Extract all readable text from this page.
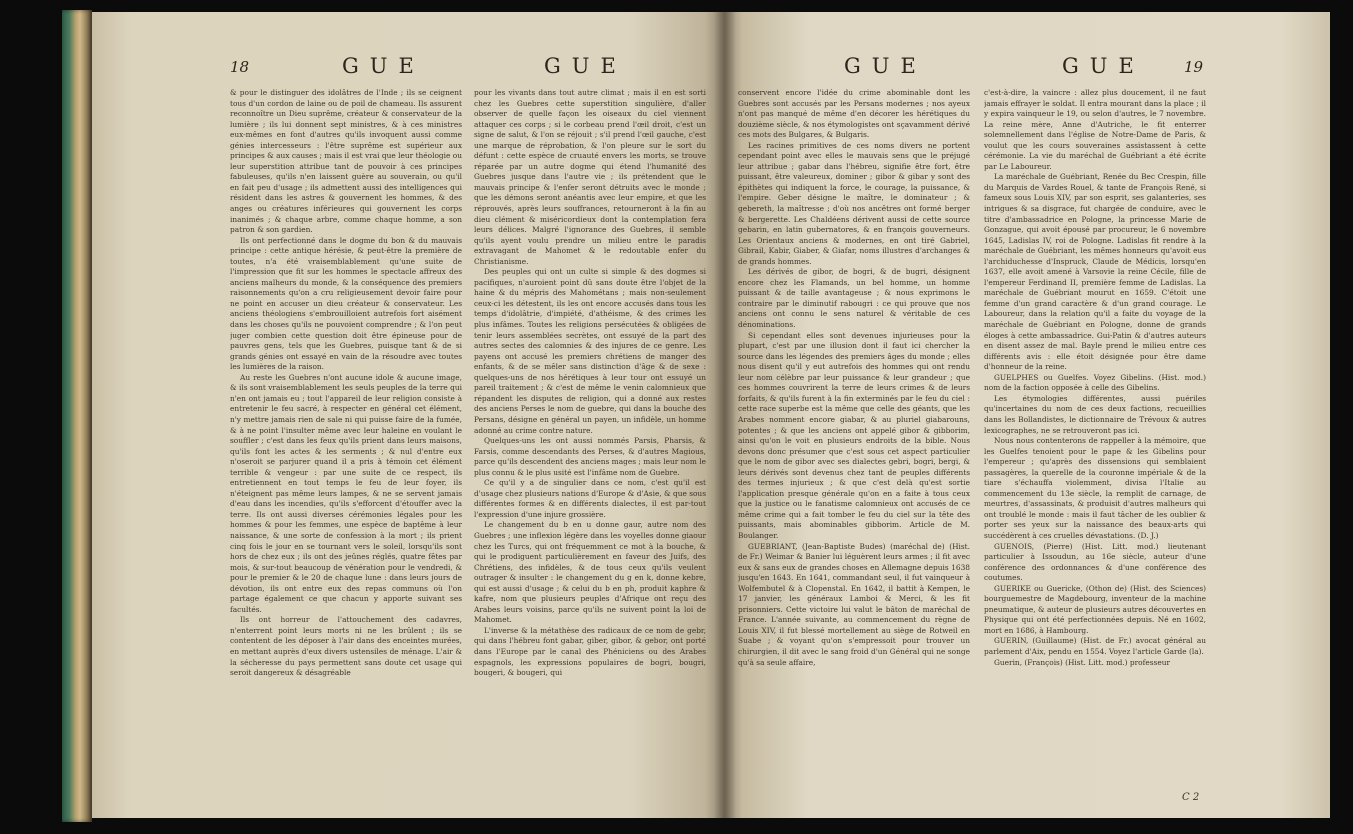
18	GUE	GUE

& pour le distinguer des idolâtres de l'Inde ; ils se ceignent tous d'un cordon de laine ou de poil de chameau. Ils assurent reconnoître un Dieu suprême, créateur & conservateur de la lumière ; ils lui donnent sept ministres, & à ces ministres eux-mêmes en font d'autres qu'ils invoquent aussi comme génies intercesseurs : l'être suprême est supérieur aux principes & aux causes ; mais il est vrai que leur théologie ou leur superstition attribue tant de pouvoir à ces principes fabuleuses, qu'ils n'en laissent guère au souverain, ou qu'il en fait peu d'usage ; ils admettent aussi des intelligences qui résident dans les astres & gouvernent les hommes, & des anges ou créatures inférieures qui gouvernent les corps inanimés ; & chaque arbre, comme chaque homme, a son patron & son gardien.

Ils ont perfectionné dans le dogme du bon & du mauvais principe : cette antique hérésie, & peut-être la première de toutes, n'a été vraisemblablement qu'une suite de l'impression que fit sur les hommes le spectacle affreux des anciens malheurs du monde, & la conséquence des premiers raisonnements qu'on a cru religieusement devoir faire pour ne point en accuser un dieu créateur & conservateur. Les anciens théologiens s'embrouilloient autrefois fort aisément dans les choses qu'ils ne pouvoient comprendre ; & l'on peut juger combien cette question doit être épineuse pour de pauvres gens, tels que les Guebres, puisque tant & de si grands génies ont essayé en vain de la résoudre avec toutes les lumières de la raison.

Au reste les Guebres n'ont aucune idole & aucune image, & ils sont vraisemblablement les seuls peuples de la terre qui n'en ont jamais eu ; tout l'appareil de leur religion consiste à entretenir le feu sacré, à respecter en général cet élément, n'y mettre jamais rien de sale ni qui puisse faire de la fumée, & à ne point l'insulter même avec leur haleine en voulant le souffler ; c'est dans les feux qu'ils prient dans leurs maisons, qu'ils font les actes & les serments ; & nul d'entre eux n'oseroit se parjurer quand il a pris à témoin cet élément terrible & vengeur : par une suite de ce respect, ils entretiennent en tout temps le feu de leur foyer, ils n'éteignent pas même leurs lampes, & ne se servent jamais d'eau dans les incendies, qu'ils s'efforcent d'étouffer avec la terre. Ils ont aussi diverses cérémonies légales pour les hommes & pour les femmes, une espèce de baptême à leur naissance, & une sorte de confession à la mort ; ils prient cinq fois le jour en se tournant vers le soleil, lorsqu'ils sont hors de chez eux ; ils ont des jeûnes réglés, quatre fêtes par mois, & sur-tout beaucoup de vénération pour le vendredi, & pour le premier & le 20 de chaque lune : dans leurs jours de dévotion, ils ont entre eux des repas communs où l'on partage également ce que chacun y apporte suivant ses facultés.

Ils ont horreur de l'attouchement des cadavres, n'enterrent point leurs morts ni ne les brûlent ; ils se contentent de les déposer à l'air dans des enceintes murées, en mettant auprès d'eux divers ustensiles de ménage. L'air & la sécheresse du pays permettent sans doute cet usage qui seroit dangereux & désagréable

pour les vivants dans tout autre climat ; mais il en est sorti chez les Guebres cette superstition singulière, d'aller observer de quelle façon les oiseaux du ciel viennent attaquer ces corps ; si le corbeau prend l'œil droit, c'est un signe de salut, & l'on se réjouit ; s'il prend l'œil gauche, c'est une marque de réprobation, & l'on pleure sur le sort du défunt : cette espèce de cruauté envers les morts, se trouve réparée par un autre dogme qui étend l'humanité des Guebres jusque dans l'autre vie ; ils prétendent que le mauvais principe & l'enfer seront détruits avec le monde ; que les démons seront anéantis avec leur empire, et que les réprouvés, après leurs souffrances, retourneront à la fin au dieu clément & miséricordieux dont la contemplation fera leurs délices. Malgré l'ignorance des Guebres, il semble qu'ils ayent voulu prendre un milieu entre le paradis extravagant de Mahomet & le redoutable enfer du Christianisme.

Des peuples qui ont un culte si simple & des dogmes si pacifiques, n'auroient point dû sans doute être l'objet de la haine & du mépris des Mahométans ; mais non-seulement ceux-ci les détestent, ils les ont encore accusés dans tous les temps d'idolâtrie, d'impiété, d'athéisme, & des crimes les plus infâmes. Toutes les religions persécutées & obligées de tenir leurs assemblées secrètes, ont essuyé de la part des autres sectes des calomnies & des injures de ce genre. Les payens ont accusé les premiers chrétiens de manger des enfants, & de se mêler sans distinction d'âge & de sexe : quelques-uns de nos hérétiques à leur tour ont essuyé un pareil traitement ; & c'est de même le venin calomnieux que répandent les disputes de religion, qui a donné aux restes des anciens Perses le nom de guebre, qui dans la bouche des Persans, désigne en général un payen, un infidèle, un homme adonné au crime contre nature.

Quelques-uns les ont aussi nommés Parsis, Pharsis, & Farsis, comme descendants des Perses, & d'autres Magious, parce qu'ils descendent des anciens mages ; mais leur nom le plus connu & le plus usité est l'infâme nom de Guebre.

Ce qu'il y a de singulier dans ce nom, c'est qu'il est d'usage chez plusieurs nations d'Europe & d'Asie, & que sous différentes formes & en différents dialectes, il est par-tout l'expression d'une injure grossière.

Le changement du b en u donne gaur, autre nom des Guebres ; une inflexion légère dans les voyelles donne giaour chez les Turcs, qui ont fréquemment ce mot à la bouche, & qui le prodiguent particulièrement en faveur des Juifs, des Chrétiens, des infidèles, & de tous ceux qu'ils veulent outrager & insulter : le changement du g en k, donne kebre, qui est aussi d'usage ; & celui du b en ph, produit kaphre & kafre, nom que plusieurs peuples d'Afrique ont reçu des Arabes leurs voisins, parce qu'ils ne suivent point la loi de Mahomet.

L'inverse & la métathèse des radicaux de ce nom de gebr, qui dans l'hébreu font gabar, giber, gibor, & gebor, ont porté dans l'Europe par le canal des Phéniciens ou des Arabes espagnols, les expressions populaires de bogri, bougri, bougeri, & bougeri, qui

GUE	GUE	19

conservent encore l'idée du crime abominable dont les Guebres sont accusés par les Persans modernes ; nos ayeux n'ont pas manqué de même d'en décorer les hérétiques du douzième siècle, & nos étymologistes ont sçavamment dérivé ces mots des Bulgares, & Bulgaris.

Les racines primitives de ces noms divers ne portent cependant point avec elles le mauvais sens que le préjugé leur attribue ; gabar dans l'hébreu, signifie être fort, être puissant, être valeureux, dominer ; gibor & gibar y sont des épithètes qui indiquent la force, le courage, la puissance, & l'empire. Geber désigne le maître, le dominateur ; & gebereth, la maîtresse ; d'où nos ancêtres ont formé berger & bergerette. Les Chaldéens dérivent aussi de cette source gebarin, en latin gubernatores, & en françois gouverneurs. Les Orientaux anciens & modernes, en ont tiré Gabriel, Gibrail, Kabir, Giaber, & Giafar, noms illustres d'archanges & de grands hommes.

Les dérivés de gibor, de bogri, & de bugri, désignent encore chez les Flamands, un bel homme, un homme puissant & de taille avantageuse ; & nous exprimons le contraire par le diminutif rabougri : ce qui prouve que nos anciens ont connu le sens naturel & véritable de ces dénominations.

Si cependant elles sont devenues injurieuses pour la plupart, c'est par une illusion dont il faut ici chercher la source dans les légendes des premiers âges du monde ; elles nous disent qu'il y eut autrefois des hommes qui ont rendu leur nom célèbre par leur puissance & leur grandeur ; que ces hommes couvrirent la terre de leurs crimes & de leurs forfaits, & qu'ils furent à la fin exterminés par le feu du ciel : cette race superbe est la même que celle des géants, que les Arabes nomment encore giabar, & au pluriel giabarouns, potentes ; & que les anciens ont appelé gibor & gibborim, ainsi qu'on le voit en plusieurs endroits de la bible. Nous devons donc présumer que c'est sous cet aspect particulier que le nom de gibor avec ses dialectes gebri, bogri, bergi, & leurs dérivés sont devenus chez tant de peuples différents des termes injurieux ; & que c'est delà qu'est sortie l'application presque générale qu'on en a faite à tous ceux que la justice ou le fanatisme calomnieux ont accusés de ce même crime qui a fait tomber le feu du ciel sur la tête des puissants, mais abominables gibborim. Article de M. Boulanger.

GUEBRIANT, (Jean-Baptiste Budes) (maréchal de) (Hist. de Fr.) Weimar & Banier lui léguèrent leurs armes ; il fit avec eux & sans eux de grandes choses en Allemagne depuis 1638 jusqu'en 1643. En 1641, commandant seul, il fut vainqueur à Wolfembutel & à Clopenstal. En 1642, il battit à Kempen, le 17 janvier, les généraux Lamboi & Merci, & les fit prisonniers. Cette victoire lui valut le bâton de maréchal de France. L'année suivante, au commencement du règne de Louis XIV, il fut blessé mortellement au siège de Rotweil en Suabe ; & voyant qu'on s'empressoit pour trouver un chirurgien, il dit avec le sang froid d'un Général qui ne songe qu'à sa seule affaire,

c'est-à-dire, la vaincre : allez plus doucement, il ne faut jamais effrayer le soldat. Il entra mourant dans la place ; il y expira vainqueur le 19, ou selon d'autres, le 7 novembre. La reine mère, Anne d'Autriche, le fit enterrer solemnellement dans l'église de Notre-Dame de Paris, & voulut que les cours souveraines assistassent à cette cérémonie. La vie du maréchal de Guébriant a été écrite par Le Laboureur.

La maréchale de Guébriant, Renée du Bec Crespin, fille du Marquis de Vardes Rouel, & tante de François René, si fameux sous Louis XIV, par son esprit, ses galanteries, ses intrigues & sa disgrace, fut chargée de conduire, avec le titre d'ambassadrice en Pologne, la princesse Marie de Gonzague, qui avoit épousé par procureur, le 6 novembre 1645, Ladislas IV, roi de Pologne. Ladislas fit rendre à la maréchale de Guébriant, les mêmes honneurs qu'avoit eus l'archiduchesse d'Inspruck, Claude de Médicis, lorsqu'en 1637, elle avoit amené à Varsovie la reine Cécile, fille de l'empereur Ferdinand II, première femme de Ladislas. La maréchale de Guébriant mourut en 1659. C'étoit une femme d'un grand caractère & d'un grand courage. Le Laboureur, dans la relation qu'il a faite du voyage de la maréchale de Guébriant en Pologne, donne de grands éloges à cette ambassadrice. Gui-Patin & d'autres auteurs en disent assez de mal. Bayle prend le milieu entre ces différents avis : elle étoit désignée pour être dame d'honneur de la reine.

GUELPHES ou Guelfes. Voyez Gibelins. (Hist. mod.) nom de la faction opposée à celle des Gibelins.

Les étymologies différentes, aussi puériles qu'incertaines du nom de ces deux factions, recueillies dans les Bollandistes, le dictionnaire de Trévoux & autres lexicographes, ne se retrouveront pas ici.

Nous nous contenterons de rappeller à la mémoire, que les Guelfes tenoient pour le pape & les Gibelins pour l'empereur ; qu'après des dissensions qui semblaient passagères, la querelle de la couronne impériale & de la tiare s'échauffa violemment, divisa l'Italie au commencement du 13e siècle, la remplit de carnage, de meurtres, d'assassinats, & produisit d'autres malheurs qui ont troublé le monde : mais il faut tâcher de les oublier & porter ses yeux sur la naissance des beaux-arts qui succédèrent à ces cruelles dévastations. (D. J.)

GUENOIS, (Pierre) (Hist. Litt. mod.) lieutenant particulier à Issoudun, au 16e siècle, auteur d'une conférence des ordonnances & d'une conférence des coutumes.

GUERIKE ou Guericke, (Othon de) (Hist. des Sciences) bourguemestre de Magdebourg, inventeur de la machine pneumatique, & auteur de plusieurs autres découvertes en Physique qui ont été perfectionnées depuis. Né en 1602, mort en 1686, à Hambourg.

GUERIN, (Guillaume) (Hist. de Fr.) avocat général au parlement d'Aix, pendu en 1554. Voyez l'article Garde (la).

Guerin, (François) (Hist. Litt. mod.) professeur

C 2
